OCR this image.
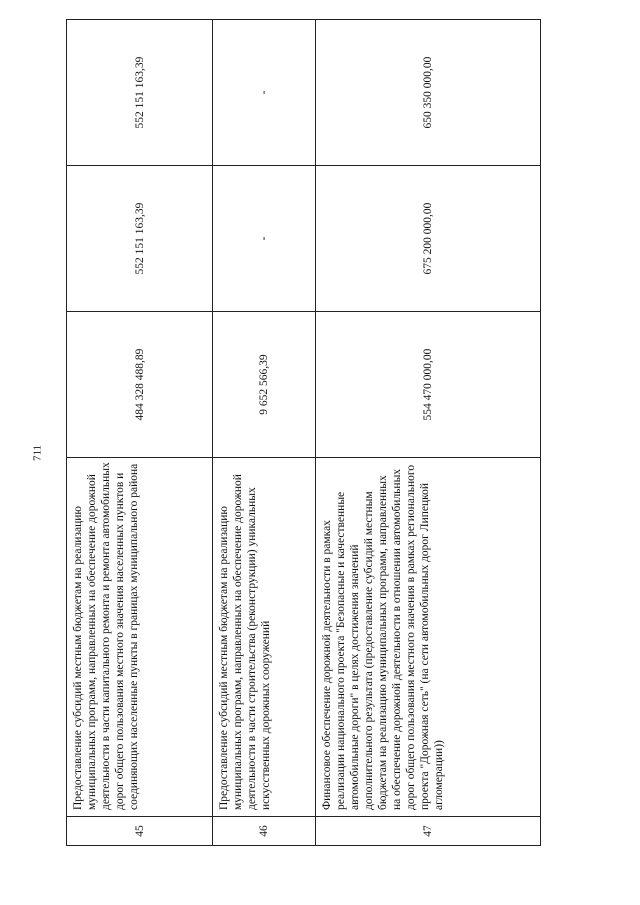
711
45	Предоставление субсидий местным бюджетам на реализацию муниципальных программ, направленных на обеспечение дорожной деятельности в части капитального ремонта и ремонта автомобильных дорог общего пользования местного значения населенных пунктов и соединяющих населенные пункты в границах муниципального района	484 328 488,89	552 151 163,39	552 151 163,39
46	Предоставление субсидий местным бюджетам на реализацию муниципальных программ, направленных на обеспечение дорожной деятельности в части строительства (реконструкции) уникальных искусственных дорожных сооружений	9 652 566,39	-	-
47	Финансовое обеспечение дорожной деятельности в рамках реализации национального проекта "Безопасные и качественные автомобильные дороги" в целях достижения значений дополнительного результата (предоставление субсидий местным бюджетам на реализацию муниципальных программ, направленных на обеспечение дорожной деятельности в отношении автомобильных дорог общего пользования местного значения в рамках регионального проекта "Дорожная сеть" (на сети автомобильных дорог Липецкой агломерации))	554 470 000,00	675 200 000,00	650 350 000,00
